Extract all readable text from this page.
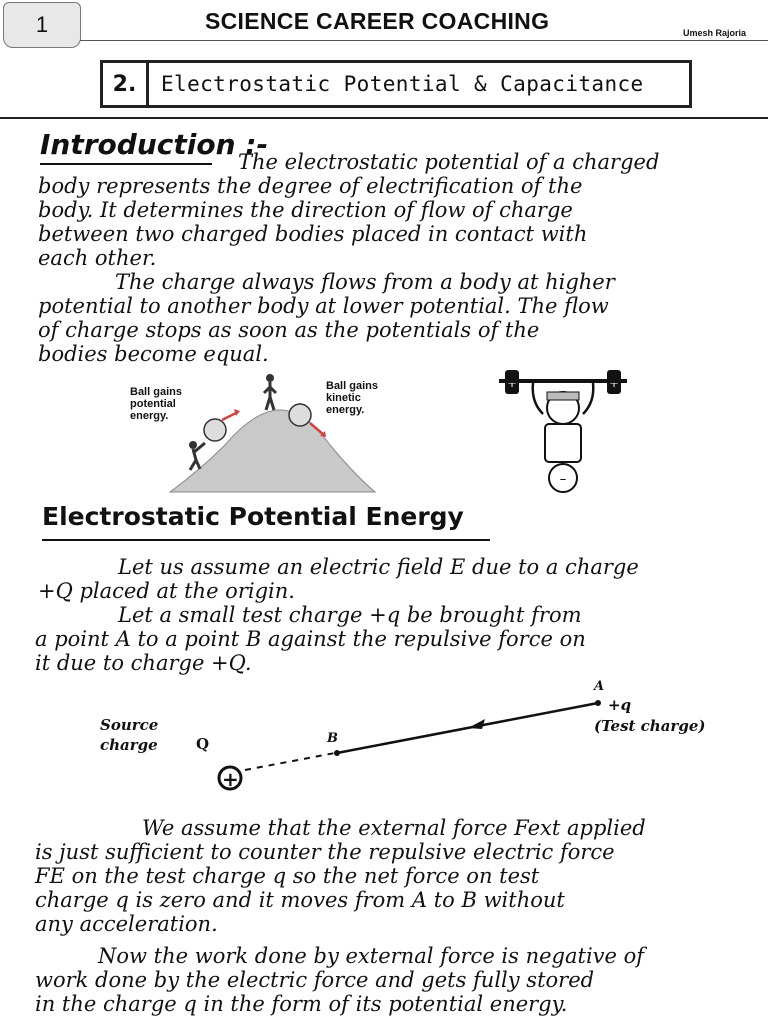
1	SCIENCE CAREER COACHING	Umesh Rajoria
2.	Electrostatic Potential & Capacitance
Introduction :-
The electrostatic potential of a charged
body represents the degree of electrification of the
body. It determines the direction of flow of charge
between two charged bodies placed in contact with
each other.
The charge always flows from a body at higher
potential to another body at lower potential. The flow
of charge stops as soon as the potentials of the
bodies become equal.
Ball gains
potential
energy.
Ball gains
kinetic
energy.
–
Electrostatic Potential Energy
Let us assume an electric field E due to a charge
+Q placed at the origin.
Let a small test charge +q be brought from
a point A to a point B against the repulsive force on
it due to charge +Q.
+
Source
charge	Q	B
A
+q
(Test charge)
We assume that the external force Fext applied
is just sufficient to counter the repulsive electric force
FE on the test charge q so the net force on test
charge q is zero and it moves from A to B without
any acceleration.
Now the work done by external force is negative of
work done by the electric force and gets fully stored
in the charge q in the form of its potential energy.
